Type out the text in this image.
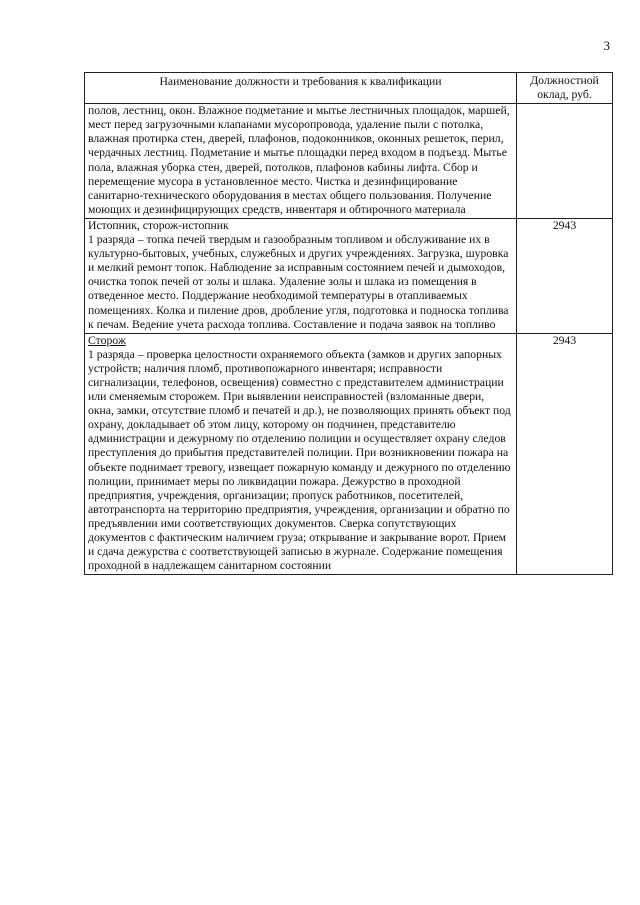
3
Наименование должности и требования к квалификации	Должностной оклад, руб.

полов, лестниц, окон. Влажное подметание и мытье лестничных площадок, маршей, мест перед загрузочными клапанами мусоропровода, удаление пыли с потолка, влажная протирка стен, дверей, плафонов, подоконников, оконных решеток, перил, чердачных лестниц. Подметание и мытье площадки перед входом в подъезд. Мытье пола, влажная уборка стен, дверей, потолков, плафонов кабины лифта. Сбор и перемещение мусора в установленное место. Чистка и дезинфицирование санитарно-технического оборудования в местах общего пользования. Получение моющих и дезинфицирующих средств, инвентаря и обтирочного материала	

Истопник, сторож-истопник
1 разряда – топка печей твердым и газообразным топливом и обслуживание их в культурно-бытовых, учебных, служебных и других учреждениях. Загрузка, шуровка и мелкий ремонт топок. Наблюдение за исправным состоянием печей и дымоходов, очистка топок печей от золы и шлака. Удаление золы и шлака из помещения в отведенное место. Поддержание необходимой температуры в отапливаемых помещениях. Колка и пиление дров, дробление угля, подготовка и подноска топлива к печам. Ведение учета расхода топлива. Составление и подача заявок на топливо	2943

Сторож
1 разряда – проверка целостности охраняемого объекта (замков и других запорных устройств; наличия пломб, противопожарного инвентаря; исправности сигнализации, телефонов, освещения) совместно с представителем администрации или сменяемым сторожем. При выявлении неисправностей (взломанные двери, окна, замки, отсутствие пломб и печатей и др.), не позволяющих принять объект под охрану, докладывает об этом лицу, которому он подчинен, представителю администрации и дежурному по отделению полиции и осуществляет охрану следов преступления до прибытия представителей полиции. При возникновении пожара на объекте поднимает тревогу, извещает пожарную команду и дежурного по отделению полиции, принимает меры по ликвидации пожара. Дежурство в проходной предприятия, учреждения, организации; пропуск работников, посетителей, автотранспорта на территорию предприятия, учреждения, организации и обратно по предъявлении ими соответствующих документов. Сверка сопутствующих документов с фактическим наличием груза; открывание и закрывание ворот. Прием и сдача дежурства с соответствующей записью в журнале. Содержание помещения проходной в надлежащем санитарном состоянии	2943
